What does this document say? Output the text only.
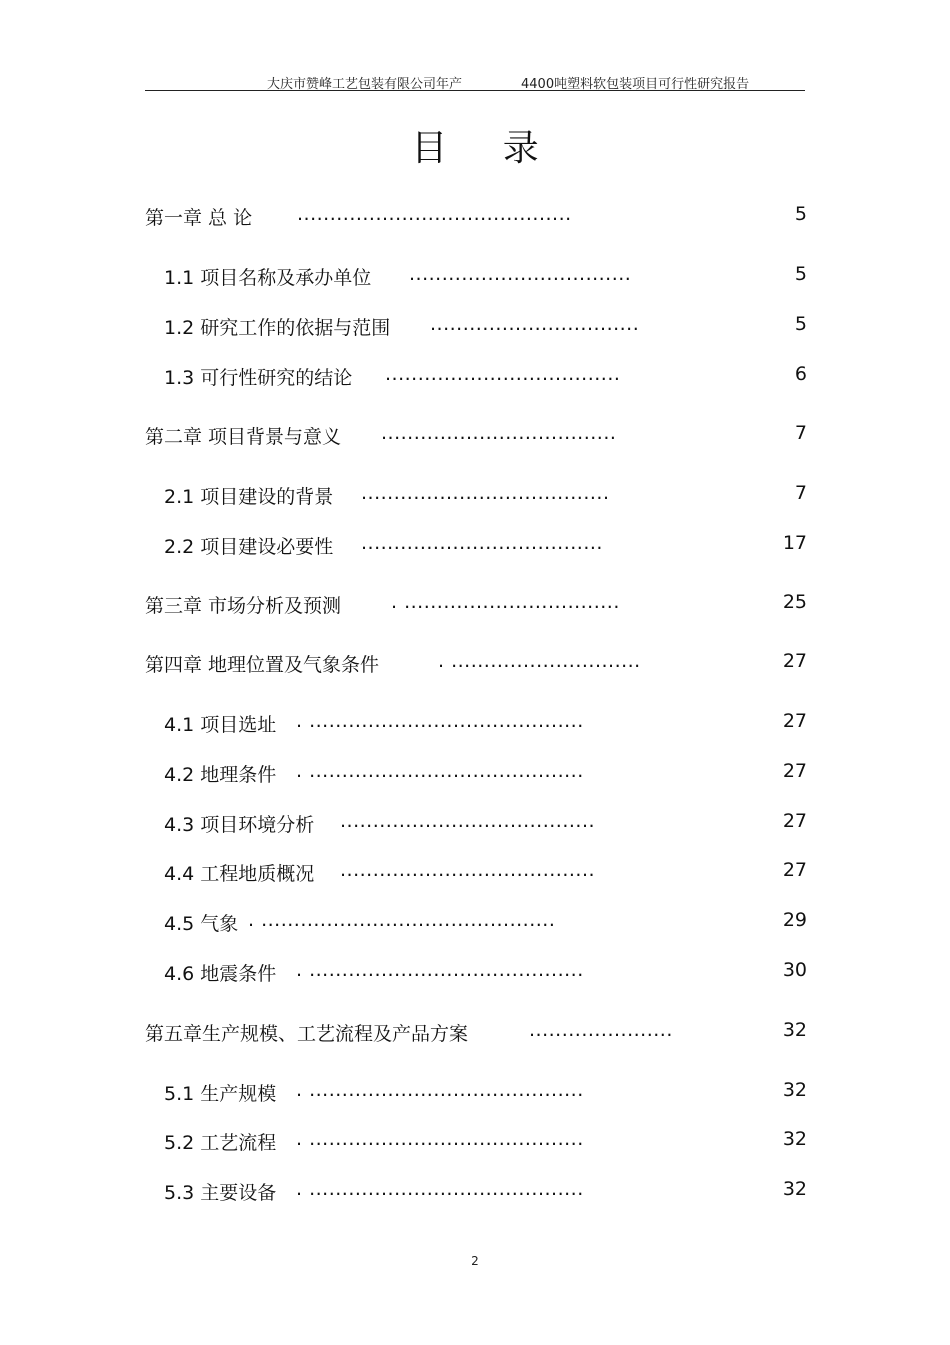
大庆市赞峰工艺包装有限公司年产	4400吨塑料软包装项目可行性研究报告
目 录
第一章 总 论 ..........................................	5
1.1 项目名称及承办单位 ..................................	5
1.2 研究工作的依据与范围 ................................	5
1.3 可行性研究的结论 ....................................	6
第二章 项目背景与意义 ....................................	7
2.1 项目建设的背景 ......................................	7
2.2 项目建设必要性 .....................................	17
第三章 市场分析及预测	. .................................	25
第四章 地理位置及气象条件	. .............................	27
4.1 项目选址 . ..........................................	27
4.2 地理条件 . ..........................................	27
4.3 项目环境分析 .......................................	27
4.4 工程地质概况 .......................................	27
4.5 气象 . .............................................	29
4.6 地震条件 . ..........................................	30
第五章生产规模、工艺流程及产品方案	......................	32
5.1 生产规模 . ..........................................	32
5.2 工艺流程 . ..........................................	32
5.3 主要设备 . ..........................................	32
2
